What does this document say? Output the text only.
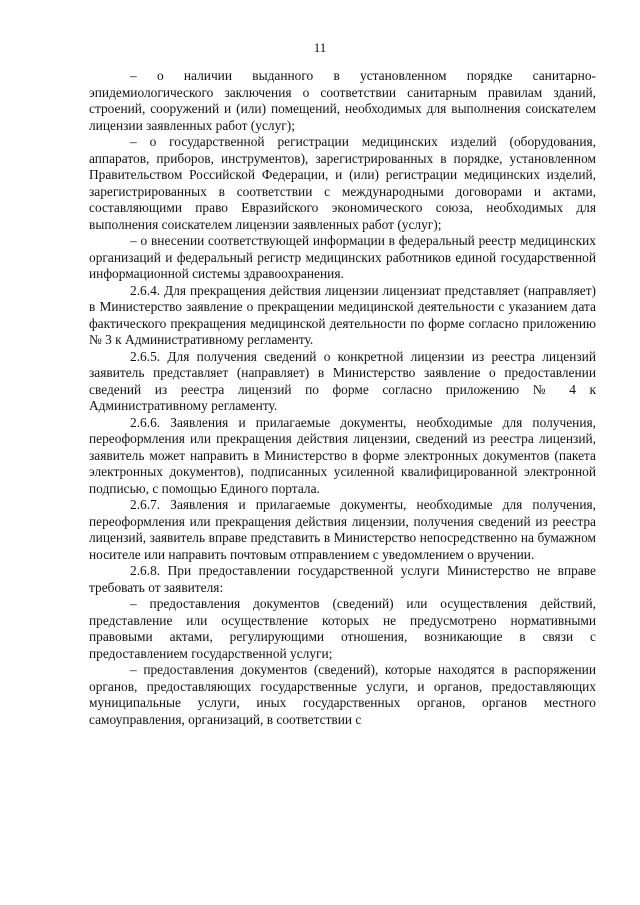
11

– о наличии выданного в установленном порядке санитарно-эпидемиологического заключения о соответствии санитарным правилам зданий, строений, сооружений и (или) помещений, необходимых для выполнения соискателем лицензии заявленных работ (услуг);

– о государственной регистрации медицинских изделий (оборудования, аппаратов, приборов, инструментов), зарегистрированных в порядке, установленном Правительством Российской Федерации, и (или) регистрации медицинских изделий, зарегистрированных в соответствии с международными договорами и актами, составляющими право Евразийского экономического союза, необходимых для выполнения соискателем лицензии заявленных работ (услуг);

– о внесении соответствующей информации в федеральный реестр медицинских организаций и федеральный регистр медицинских работников единой государственной информационной системы здравоохранения.

2.6.4. Для прекращения действия лицензии лицензиат представляет (направляет) в Министерство заявление о прекращении медицинской деятельности с указанием дата фактического прекращения медицинской деятельности по форме согласно приложению № 3 к Административному регламенту.

2.6.5. Для получения сведений о конкретной лицензии из реестра лицензий заявитель представляет (направляет) в Министерство заявление о предоставлении сведений из реестра лицензий по форме согласно приложению № 4 к Административному регламенту.

2.6.6. Заявления и прилагаемые документы, необходимые для получения, переоформления или прекращения действия лицензии, сведений из реестра лицензий, заявитель может направить в Министерство в форме электронных документов (пакета электронных документов), подписанных усиленной квалифицированной электронной подписью, с помощью Единого портала.

2.6.7. Заявления и прилагаемые документы, необходимые для получения, переоформления или прекращения действия лицензии, получения сведений из реестра лицензий, заявитель вправе представить в Министерство непосредственно на бумажном носителе или направить почтовым отправлением с уведомлением о вручении.

2.6.8. При предоставлении государственной услуги Министерство не вправе требовать от заявителя:

– предоставления документов (сведений) или осуществления действий, представление или осуществление которых не предусмотрено нормативными правовыми актами, регулирующими отношения, возникающие в связи с предоставлением государственной услуги;

– предоставления документов (сведений), которые находятся в распоряжении органов, предоставляющих государственные услуги, и органов, предоставляющих муниципальные услуги, иных государственных органов, органов местного самоуправления, организаций, в соответствии с
